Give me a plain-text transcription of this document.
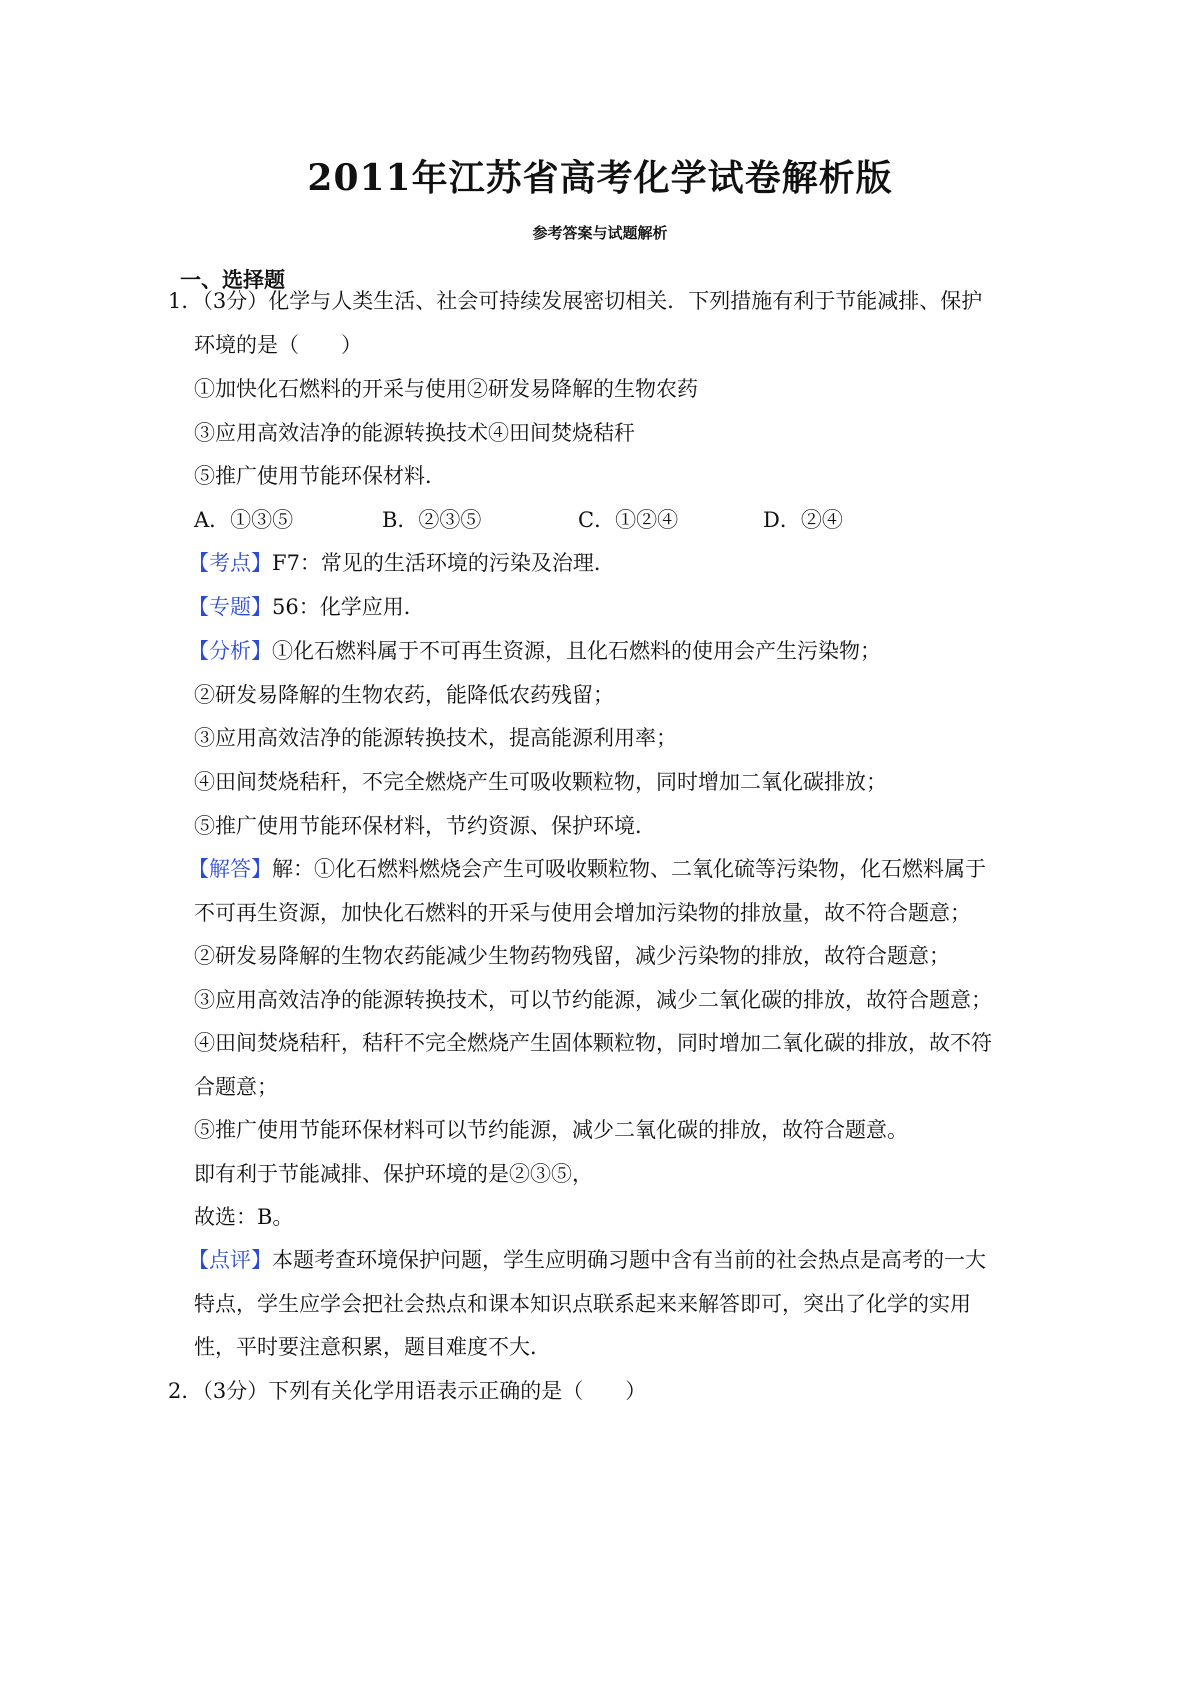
2011年江苏省高考化学试卷解析版
参考答案与试题解析
一、选择题
1．（3分）化学与人类生活、社会可持续发展密切相关．下列措施有利于节能减排、保护
环境的是（　　）
①加快化石燃料的开采与使用②研发易降解的生物农药
③应用高效洁净的能源转换技术④田间焚烧秸秆
⑤推广使用节能环保材料．
A．①③⑤	B．②③⑤	C．①②④	D．②④
【考点】F7：常见的生活环境的污染及治理．
【专题】56：化学应用．
【分析】①化石燃料属于不可再生资源，且化石燃料的使用会产生污染物；
②研发易降解的生物农药，能降低农药残留；
③应用高效洁净的能源转换技术，提高能源利用率；
④田间焚烧秸秆，不完全燃烧产生可吸收颗粒物，同时增加二氧化碳排放；
⑤推广使用节能环保材料，节约资源、保护环境．
【解答】解：①化石燃料燃烧会产生可吸收颗粒物、二氧化硫等污染物，化石燃料属于
不可再生资源，加快化石燃料的开采与使用会增加污染物的排放量，故不符合题意；
②研发易降解的生物农药能减少生物药物残留，减少污染物的排放，故符合题意；
③应用高效洁净的能源转换技术，可以节约能源，减少二氧化碳的排放，故符合题意；
④田间焚烧秸秆，秸秆不完全燃烧产生固体颗粒物，同时增加二氧化碳的排放，故不符
合题意；
⑤推广使用节能环保材料可以节约能源，减少二氧化碳的排放，故符合题意。
即有利于节能减排、保护环境的是②③⑤，
故选：B。
【点评】本题考查环境保护问题，学生应明确习题中含有当前的社会热点是高考的一大
特点，学生应学会把社会热点和课本知识点联系起来来解答即可，突出了化学的实用
性，平时要注意积累，题目难度不大．
2．（3分）下列有关化学用语表示正确的是（　　）
